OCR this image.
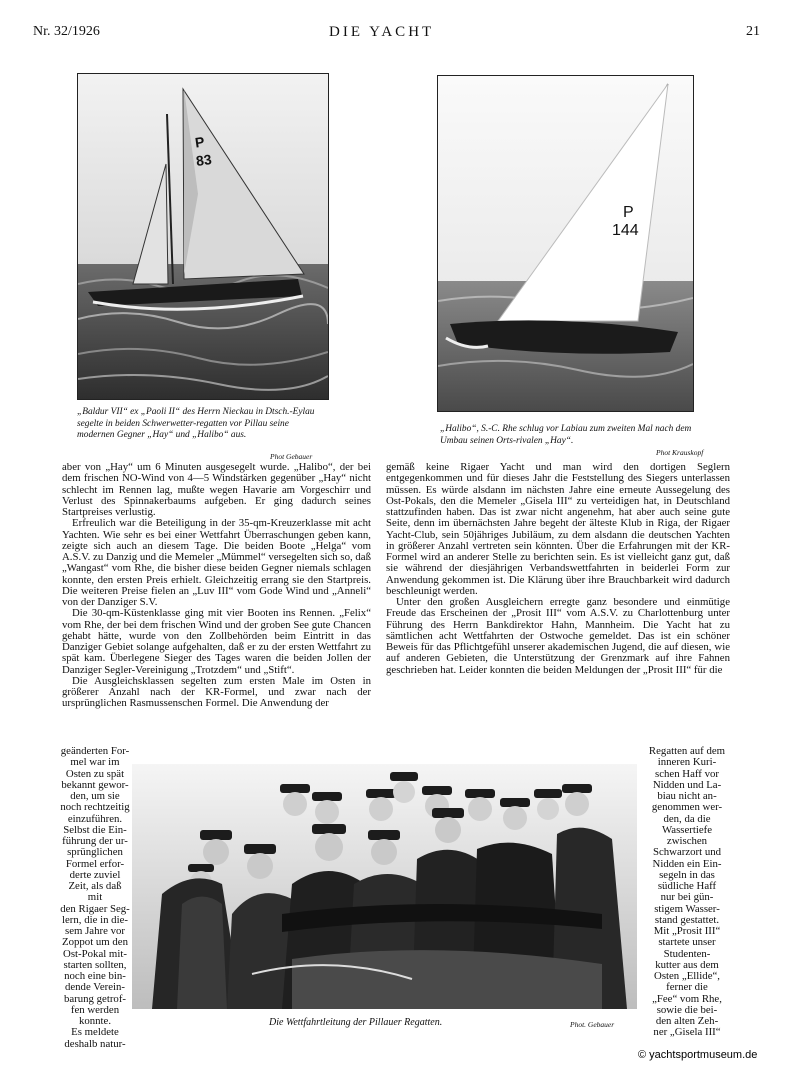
Nr. 32/1926	DIE YACHT	21
P
83
„Baldur VII“ ex „Paoli II“ des Herrn Nieckau in Dtsch.-Eylau segelte in beiden Schwerwetter-regatten vor Pillau seine modernen Gegner „Hay“ und „Halibo“ aus.
Phot Gebauer
P
144
„Halibo“, S.-C. Rhe schlug vor Labiau zum zweiten Mal nach dem Umbau seinen Orts-rivalen „Hay“.
Phot Krauskopf

aber von „Hay“ um 6 Minuten ausgesegelt wurde. „Halibo“, der bei dem frischen NO-Wind von 4—5 Windstärken gegenüber „Hay“ nicht schlecht im Rennen lag, mußte wegen Havarie am Vorgeschirr und Verlust des Spinnakerbaums aufgeben. Er ging dadurch seines Startpreises verlustig.

Erfreulich war die Beteiligung in der 35-qm-Kreuzerklasse mit acht Yachten. Wie sehr es bei einer Wettfahrt Überraschungen geben kann, zeigte sich auch an diesem Tage. Die beiden Boote „Helga“ vom A.S.V. zu Danzig und die Memeler „Mümmel“ versegelten sich so, daß „Wangast“ vom Rhe, die bisher diese beiden Gegner niemals schlagen konnte, den ersten Preis erhielt. Gleichzeitig errang sie den Startpreis. Die weiteren Preise fielen an „Luv III“ vom Gode Wind und „Anneli“ von der Danziger S.V.

Die 30-qm-Küstenklasse ging mit vier Booten ins Rennen. „Felix“ vom Rhe, der bei dem frischen Wind und der groben See gute Chancen gehabt hätte, wurde von den Zollbehörden beim Eintritt in das Danziger Gebiet solange aufgehalten, daß er zu der ersten Wettfahrt zu spät kam. Überlegene Sieger des Tages waren die beiden Jollen der Danziger Segler-Vereinigung „Trotzdem“ und „Stift“.

Die Ausgleichsklassen segelten zum ersten Male im Osten in größerer Anzahl nach der KR-Formel, und zwar nach der ursprünglichen Rasmussenschen Formel. Die Anwendung der

gemäß keine Rigaer Yacht und man wird den dortigen Seglern entgegenkommen und für dieses Jahr die Feststellung des Siegers unterlassen müssen. Es würde alsdann im nächsten Jahre eine erneute Aussegelung des Ost-Pokals, den die Memeler „Gisela III“ zu verteidigen hat, in Deutschland stattzufinden haben. Das ist zwar nicht angenehm, hat aber auch seine gute Seite, denn im übernächsten Jahre begeht der älteste Klub in Riga, der Rigaer Yacht-Club, sein 50jähriges Jubiläum, zu dem alsdann die deutschen Yachten in größerer Anzahl vertreten sein könnten. Über die Erfahrungen mit der KR-Formel wird an anderer Stelle zu berichten sein. Es ist vielleicht ganz gut, daß sie während der diesjährigen Verbandswettfahrten in beiderlei Form zur Anwendung gekommen ist. Die Klärung über ihre Brauchbarkeit wird dadurch beschleunigt werden.

Unter den großen Ausgleichern erregte ganz besondere und einmütige Freude das Erscheinen der „Prosit III“ vom A.S.V. zu Charlottenburg unter Führung des Herrn Bankdirektor Hahn, Mannheim. Die Yacht hat zu sämtlichen acht Wettfahrten der Ostwoche gemeldet. Das ist ein schöner Beweis für das Pflichtgefühl unserer akademischen Jugend, die auf diesen, wie auf anderen Gebieten, die Unterstützung der Grenzmark auf ihre Fahnen geschrieben hat. Leider konnten die beiden Meldungen der „Prosit III“ für die

geänderten For-
mel war im
Osten zu spät
bekannt gewor-
den, um sie
noch rechtzeitig
einzuführen.
Selbst die Ein-
führung der ur-
sprünglichen
Formel erfor-
derte zuviel
Zeit, als daß mit
den Rigaer Seg-
lern, die in die-
sem Jahre vor
Zoppot um den
Ost-Pokal mit-
starten sollten,
noch eine bin-
dende Verein-
barung getrof-
fen werden
konnte.
Es meldete
deshalb natur-
Regatten auf dem
inneren Kuri-
schen Haff vor
Nidden und La-
biau nicht an-
genommen wer-
den, da die
Wassertiefe
zwischen
Schwarzort und
Nidden ein Ein-
segeln in das
südliche Haff
nur bei gün-
stigem Wasser-
stand gestattet.
Mit „Prosit III“
startete unser
Studenten-
kutter aus dem
Osten „Ellide“,
ferner die
„Fee“ vom Rhe,
sowie die bei-
den alten Zeh-
ner „Gisela III“
Die Wettfahrtleitung der Pillauer Regatten.	Phot. Gebauer
© yachtsportmuseum.de
